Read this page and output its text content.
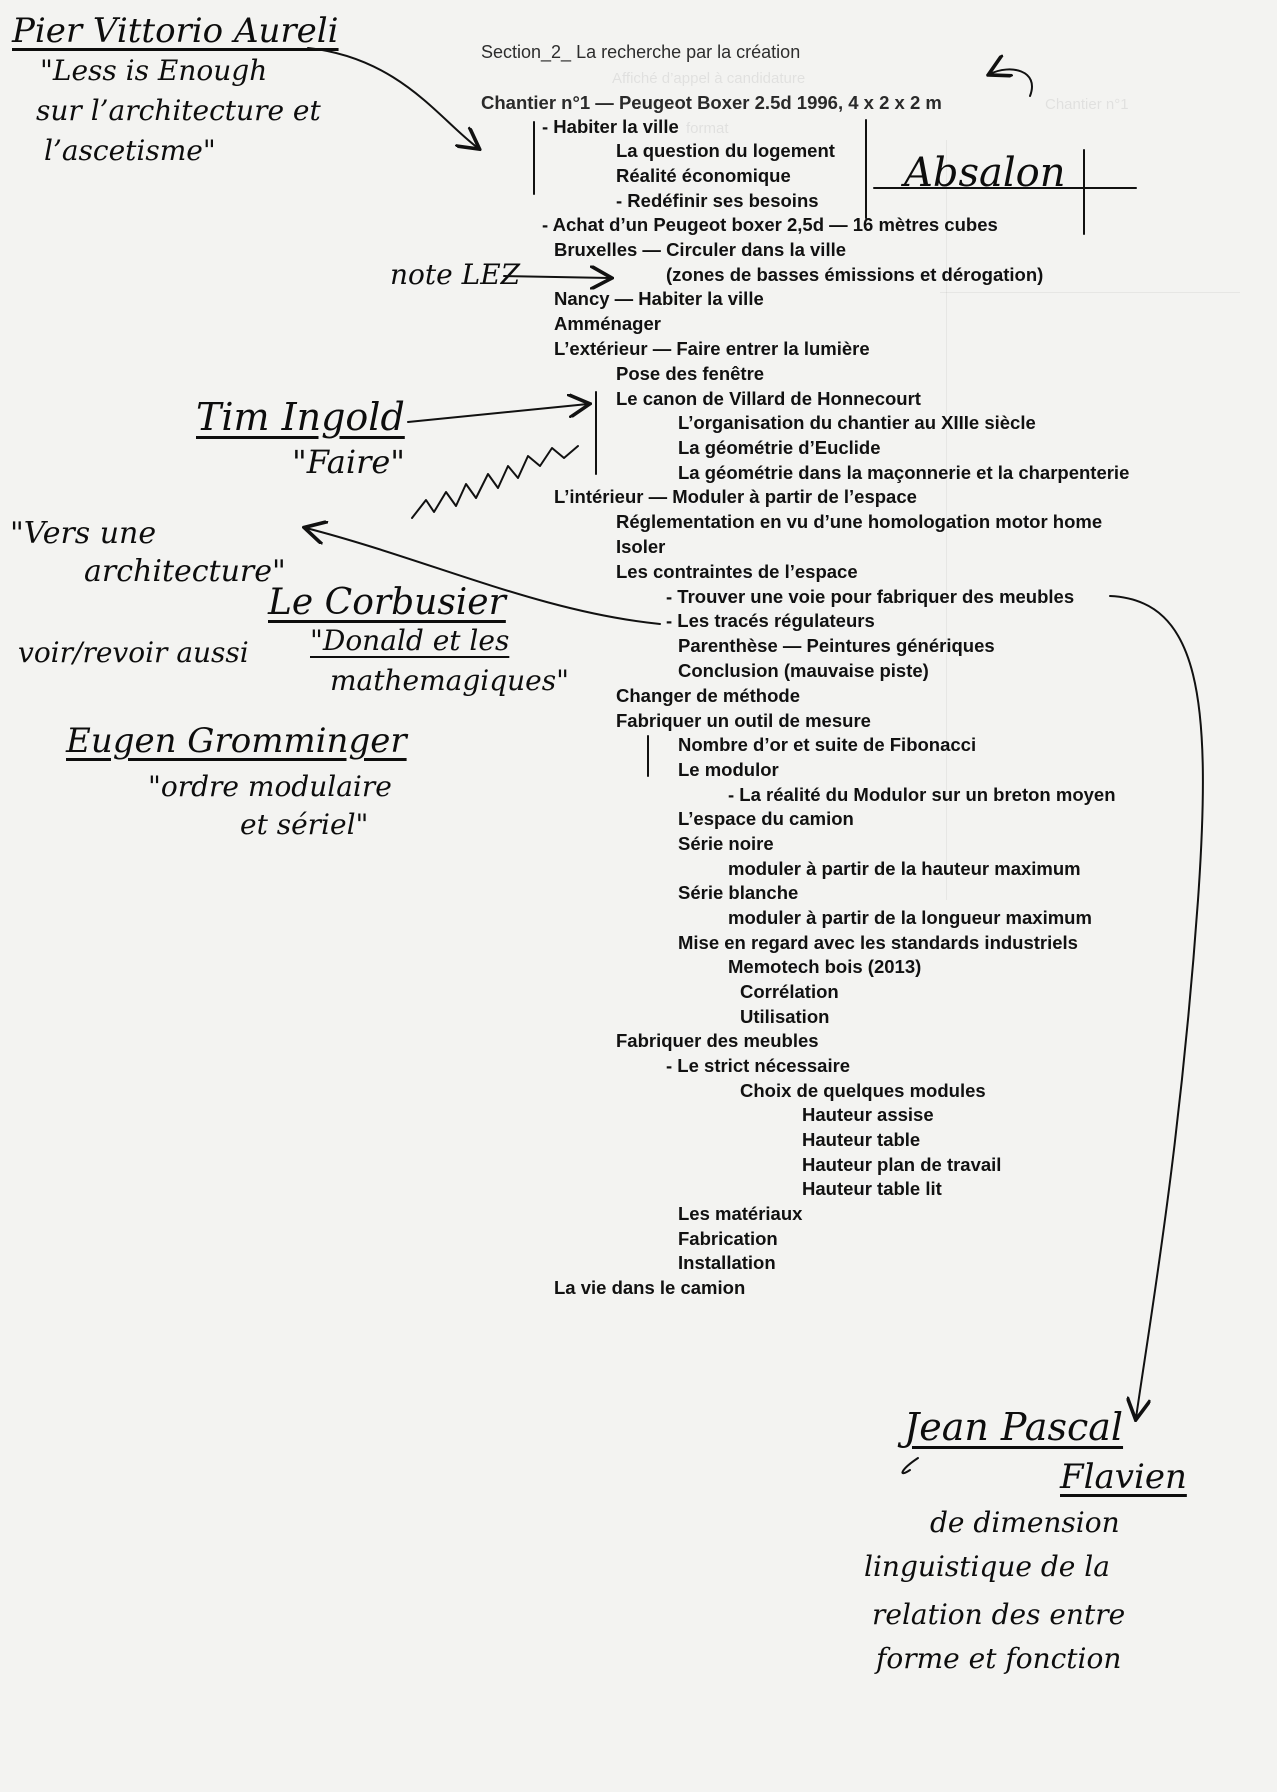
Affiché d’appel à candidature
Chantier n°1
format
Section_2_ La recherche par la création
Chantier n°1 — Peugeot Boxer 2.5d 1996, 4 x 2 x 2 m
- Habiter la ville
La question du logement
Réalité économique
- Redéfinir ses besoins
- Achat d’un Peugeot boxer 2,5d — 16 mètres cubes
Bruxelles — Circuler dans la ville
(zones de basses émissions et dérogation)
Nancy — Habiter la ville
Amménager
L’extérieur — Faire entrer la lumière
Pose des fenêtre
Le canon de Villard de Honnecourt
L’organisation du chantier au XIIIe siècle
La géométrie d’Euclide
La géométrie dans la maçonnerie et la charpenterie
L’intérieur — Moduler à partir de l’espace
Réglementation en vu d’une homologation motor home
Isoler
Les contraintes de l’espace
- Trouver une voie pour fabriquer des meubles
- Les tracés régulateurs
Parenthèse — Peintures génériques
Conclusion (mauvaise piste)
Changer de méthode
Fabriquer un outil de mesure
Nombre d’or et suite de Fibonacci
Le modulor
- La réalité du Modulor sur un breton moyen
L’espace du camion
Série noire
moduler à partir de la hauteur maximum
Série blanche
moduler à partir de la longueur maximum
Mise en regard avec les standards industriels
Memotech bois (2013)
Corrélation
Utilisation
Fabriquer des meubles
- Le strict nécessaire
Choix de quelques modules
Hauteur assise
Hauteur table
Hauteur plan de travail
Hauteur table lit
Les matériaux
Fabrication
Installation
La vie dans le camion
Pier Vittorio Aureli
"Less is Enough
sur l’architecture et
l’ascetisme"	Absalon
note LEZ
Tim Ingold
"Faire"
"Vers une
architecture"
Le Corbusier
voir/revoir aussi "Donald et les
mathemagiques"
Eugen Gromminger
"ordre modulaire
et sériel"
Jean Pascal
Flavien
de dimension
linguistique de la
relation des entre
forme et fonction
